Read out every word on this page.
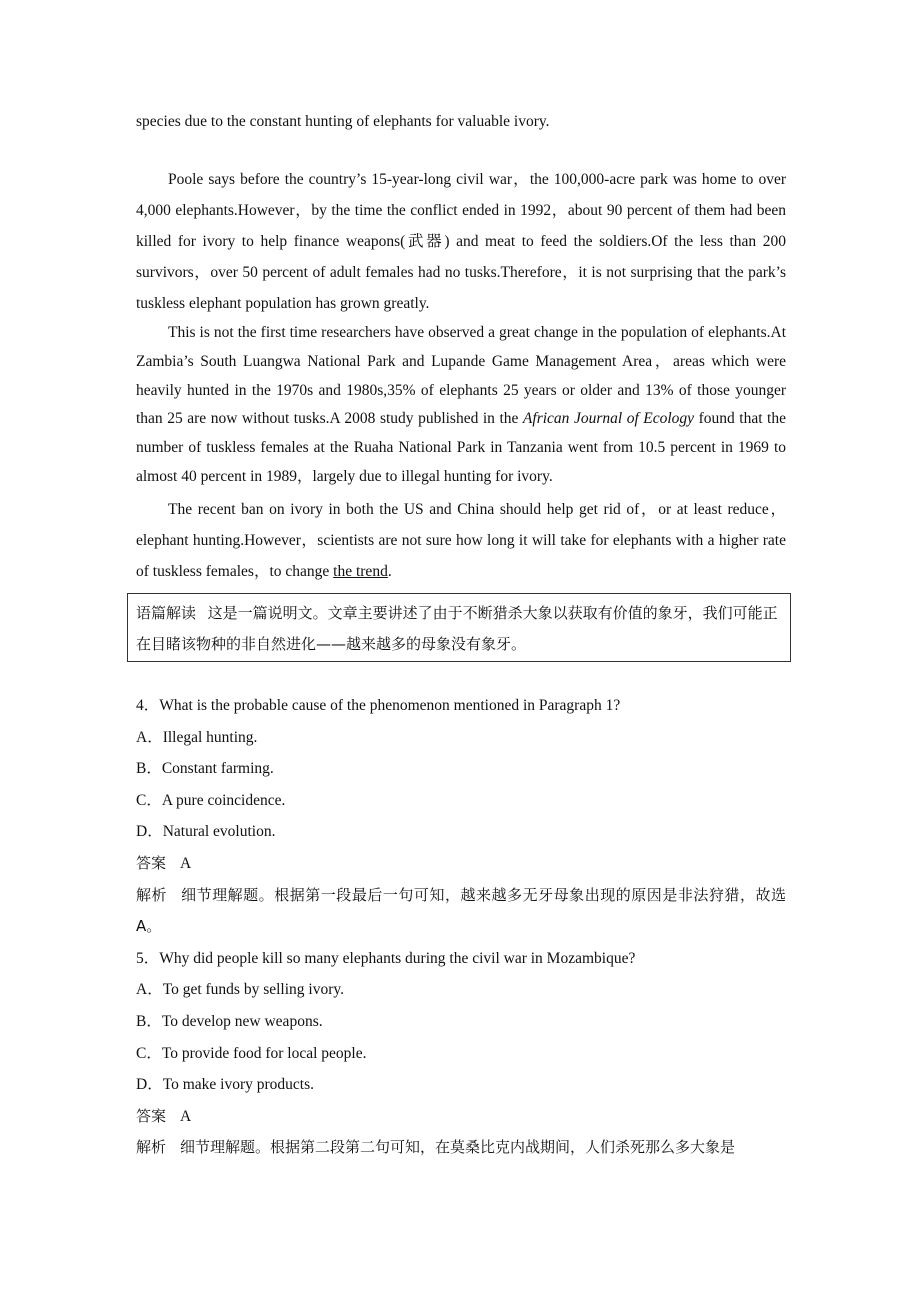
species due to the constant hunting of elephants for valuable ivory.

Poole says before the country’s 15-year-long civil war，the 100,000-acre park was home to over 4,000 elephants.However，by the time the conflict ended in 1992，about 90 percent of them had been killed for ivory to help finance weapons(武器) and meat to feed the soldiers.Of the less than 200 survivors，over 50 percent of adult females had no tusks.Therefore，it is not surprising that the park’s tuskless elephant population has grown greatly.

This is not the first time researchers have observed a great change in the population of elephants.At Zambia’s South Luangwa National Park and Lupande Game Management Area，areas which were heavily hunted in the 1970s and 1980s,35% of elephants 25 years or older and 13% of those younger than 25 are now without tusks.A 2008 study published in the African Journal of Ecology found that the number of tuskless females at the Ruaha National Park in Tanzania went from 10.5 percent in 1969 to almost 40 percent in 1989，largely due to illegal hunting for ivory.

The recent ban on ivory in both the US and China should help get rid of，or at least reduce，elephant hunting.However，scientists are not sure how long it will take for elephants with a higher rate of tuskless females，to change the trend.

语篇解读 这是一篇说明文。文章主要讲述了由于不断猎杀大象以获取有价值的象牙，我们可能正在目睹该物种的非自然进化——越来越多的母象没有象牙。

4．What is the probable cause of the phenomenon mentioned in Paragraph 1?

A．Illegal hunting.

B．Constant farming.

C．A pure coincidence.

D．Natural evolution.

答案 A

解析 细节理解题。根据第一段最后一句可知，越来越多无牙母象出现的原因是非法狩猎，故选 A。

5．Why did people kill so many elephants during the civil war in Mozambique?

A．To get funds by selling ivory.

B．To develop new weapons.

C．To provide food for local people.

D．To make ivory products.

答案 A

解析 细节理解题。根据第二段第二句可知，在莫桑比克内战期间，人们杀死那么多大象是
